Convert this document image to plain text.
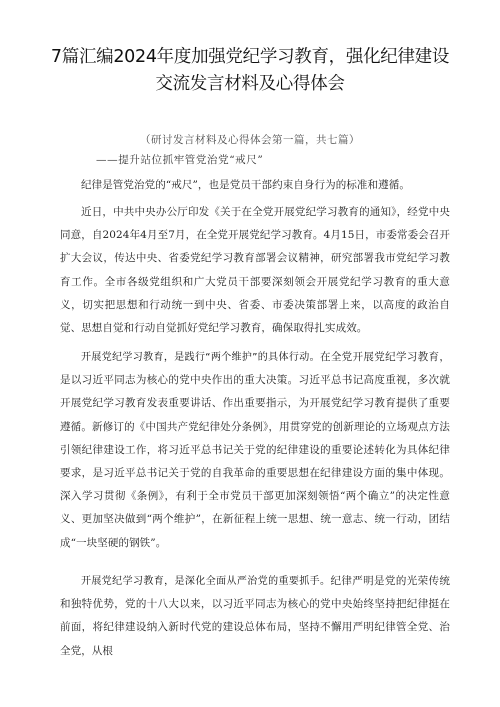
7篇汇编2024年度加强党纪学习教育，强化纪律建设
交流发言材料及心得体会
（研讨发言材料及心得体会第一篇，共七篇）
——提升站位抓牢管党治党“戒尺”
纪律是管党治党的“戒尺”，也是党员干部约束自身行为的标准和遵循。
近日，中共中央办公厅印发《关于在全党开展党纪学习教育的通知》，经党中央同意，自2024年4月至7月，在全党开展党纪学习教育。4月15日，市委常委会召开扩大会议，传达中央、省委党纪学习教育部署会议精神，研究部署我市党纪学习教育工作。全市各级党组织和广大党员干部要深刻领会开展党纪学习教育的重大意义，切实把思想和行动统一到中央、省委、市委决策部署上来，以高度的政治自觉、思想自觉和行动自觉抓好党纪学习教育，确保取得扎实成效。
开展党纪学习教育，是践行“两个维护”的具体行动。在全党开展党纪学习教育，是以习近平同志为核心的党中央作出的重大决策。习近平总书记高度重视，多次就开展党纪学习教育发表重要讲话、作出重要指示，为开展党纪学习教育提供了重要遵循。新修订的《中国共产党纪律处分条例》，用贯穿党的创新理论的立场观点方法引领纪律建设工作，将习近平总书记关于党的纪律建设的重要论述转化为具体纪律要求，是习近平总书记关于党的自我革命的重要思想在纪律建设方面的集中体现。深入学习贯彻《条例》，有利于全市党员干部更加深刻领悟“两个确立”的决定性意义、更加坚决做到“两个维护”，在新征程上统一思想、统一意志、统一行动，团结成“一块坚硬的钢铁”。
开展党纪学习教育，是深化全面从严治党的重要抓手。纪律严明是党的光荣传统和独特优势，党的十八大以来，以习近平同志为核心的党中央始终坚持把纪律挺在前面，将纪律建设纳入新时代党的建设总体布局，坚持不懈用严明纪律管全党、治全党，从根
